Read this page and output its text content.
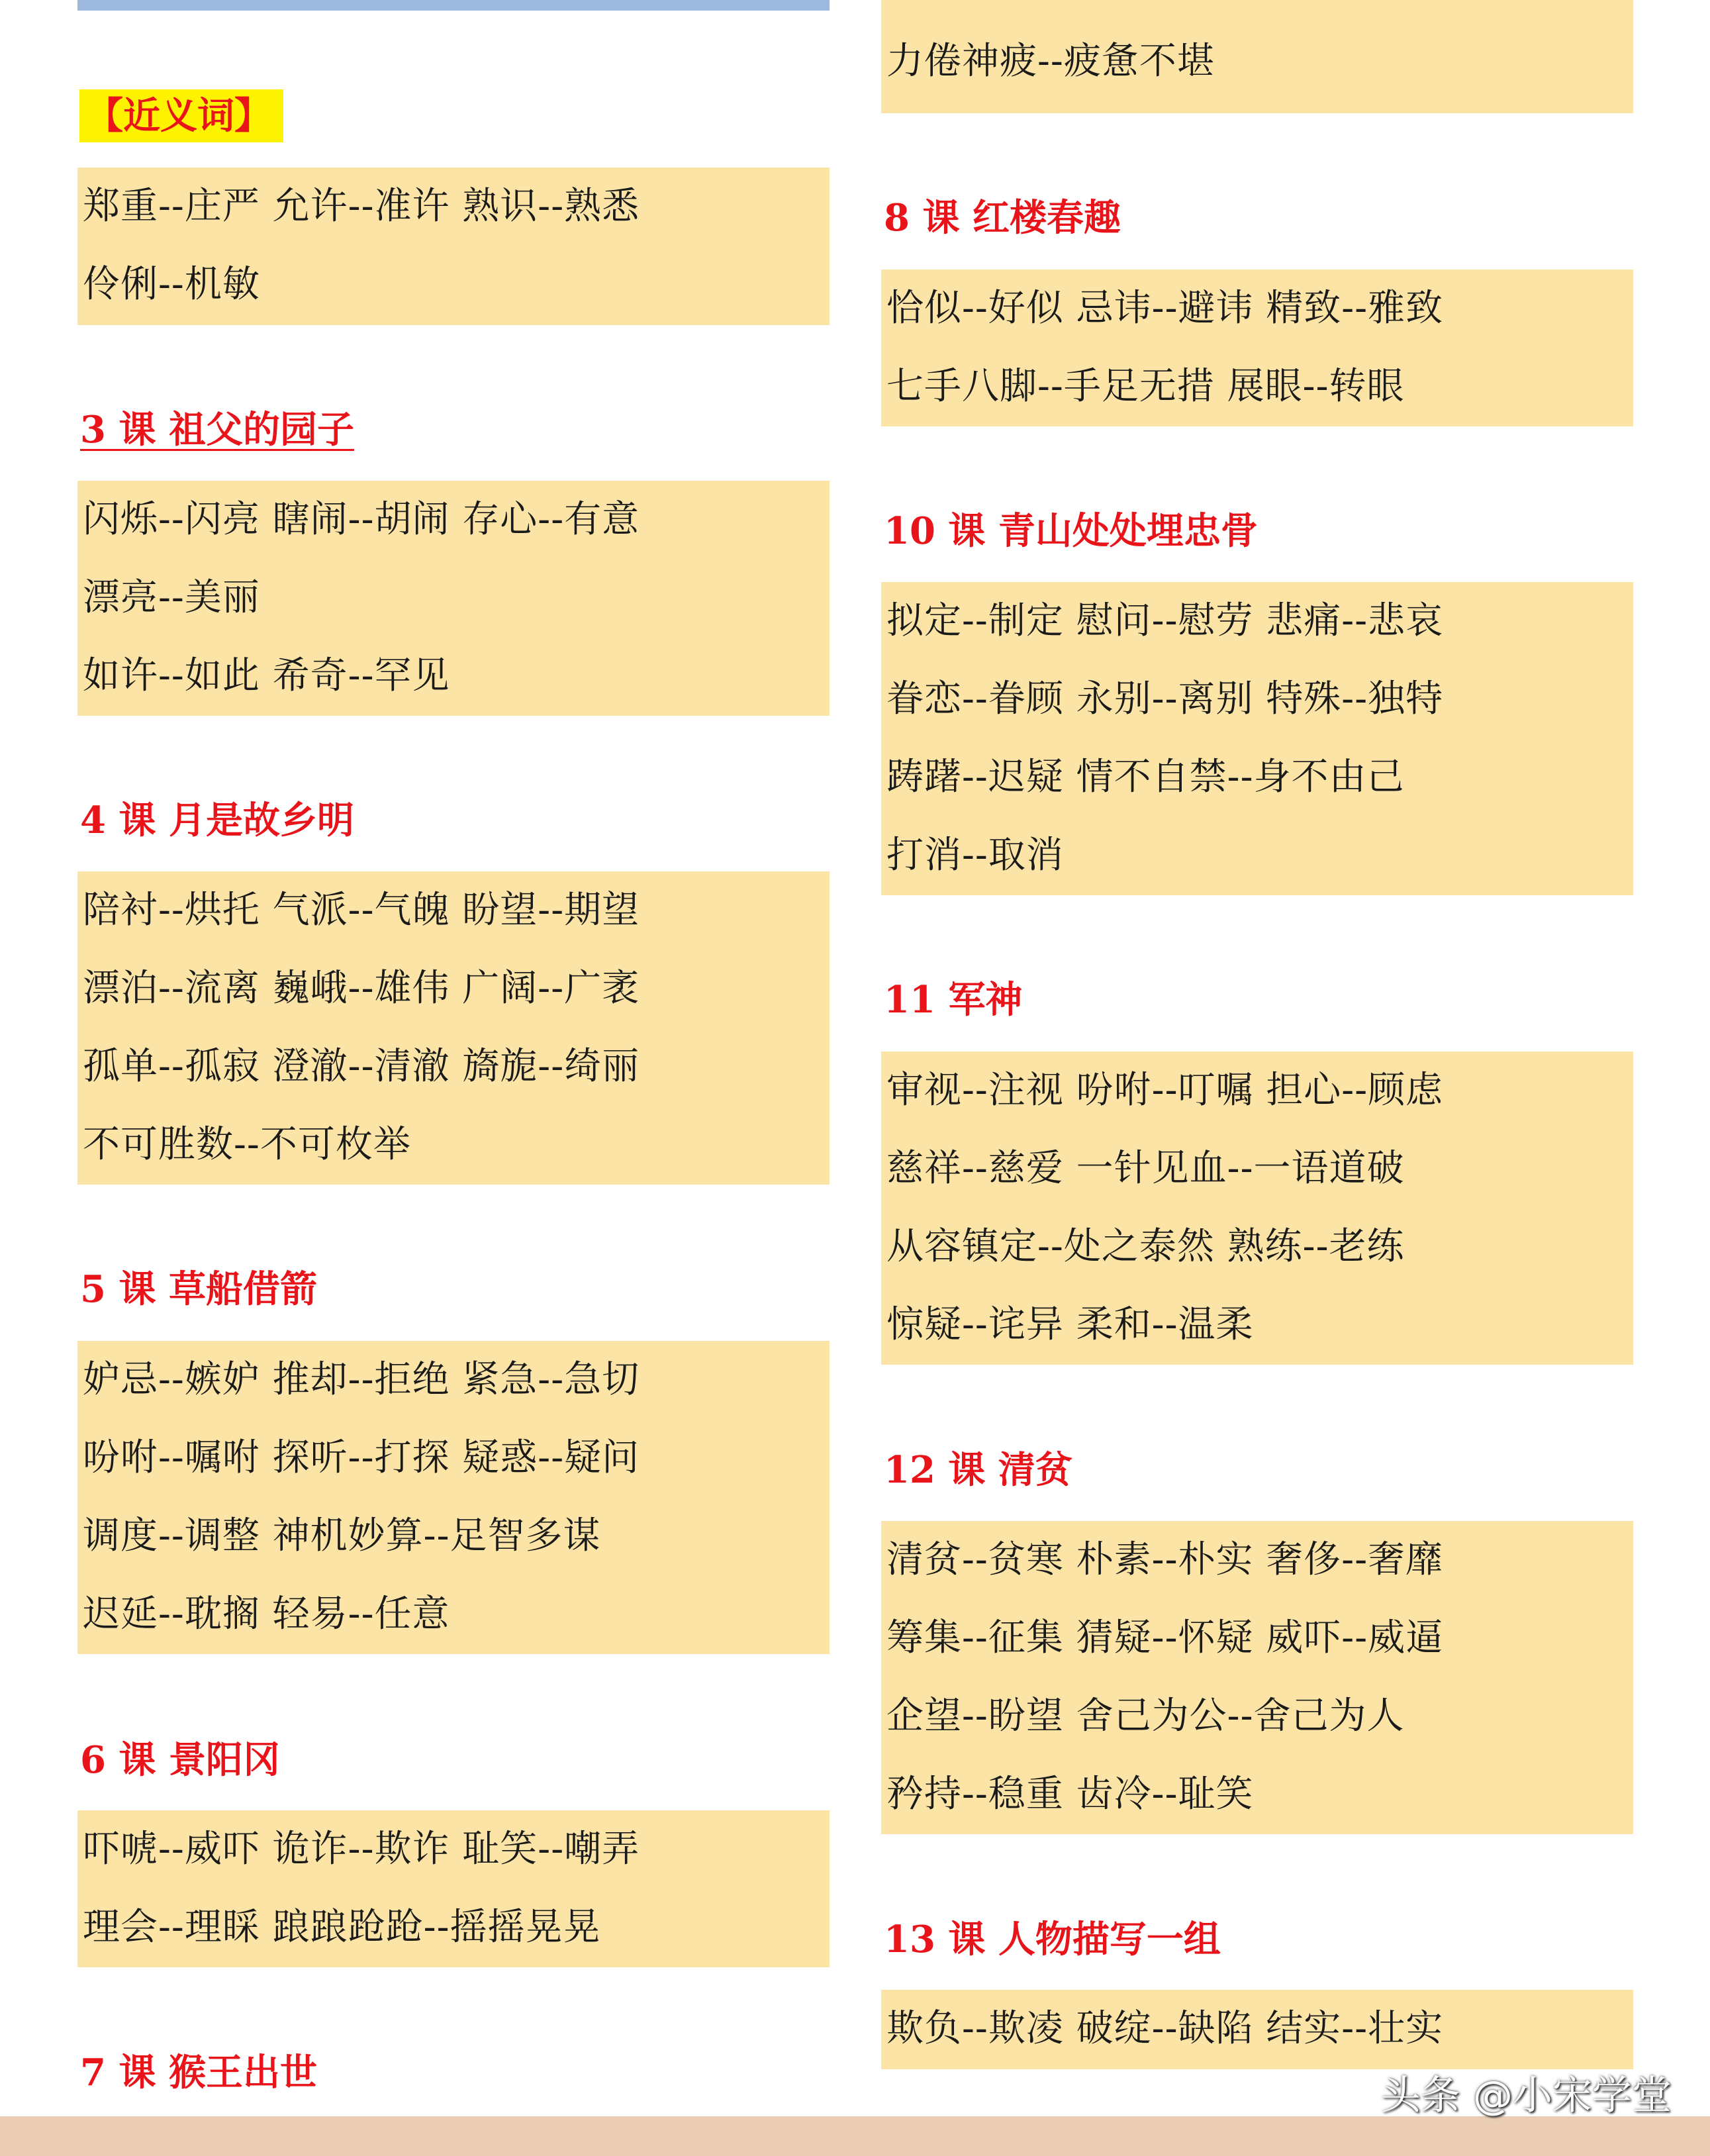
【近义词】
郑重--庄严 允许--准许 熟识--熟悉
伶俐--机敏
3 课 祖父的园子
闪烁--闪亮 瞎闹--胡闹 存心--有意
漂亮--美丽
如许--如此 希奇--罕见
4 课 月是故乡明
陪衬--烘托 气派--气魄 盼望--期望
漂泊--流离 巍峨--雄伟 广阔--广袤
孤单--孤寂 澄澈--清澈 旖旎--绮丽
不可胜数--不可枚举
5 课 草船借箭
妒忌--嫉妒 推却--拒绝 紧急--急切
吩咐--嘱咐 探听--打探 疑惑--疑问
调度--调整 神机妙算--足智多谋
迟延--耽搁 轻易--任意
6 课 景阳冈
吓唬--威吓 诡诈--欺诈 耻笑--嘲弄
理会--理睬 踉踉跄跄--摇摇晃晃
7 课 猴王出世
力倦神疲--疲惫不堪
8 课 红楼春趣
恰似--好似 忌讳--避讳 精致--雅致
七手八脚--手足无措 展眼--转眼
10 课 青山处处埋忠骨
拟定--制定 慰问--慰劳 悲痛--悲哀
眷恋--眷顾 永别--离别 特殊--独特
踌躇--迟疑 情不自禁--身不由己
打消--取消
11 军神
审视--注视 吩咐--叮嘱 担心--顾虑
慈祥--慈爱 一针见血--一语道破
从容镇定--处之泰然 熟练--老练
惊疑--诧异 柔和--温柔
12 课 清贫
清贫--贫寒 朴素--朴实 奢侈--奢靡
筹集--征集 猜疑--怀疑 威吓--威逼
企望--盼望 舍己为公--舍己为人
矜持--稳重 齿冷--耻笑
13 课 人物描写一组
欺负--欺凌 破绽--缺陷 结实--壮实
头条 @小宋学堂
